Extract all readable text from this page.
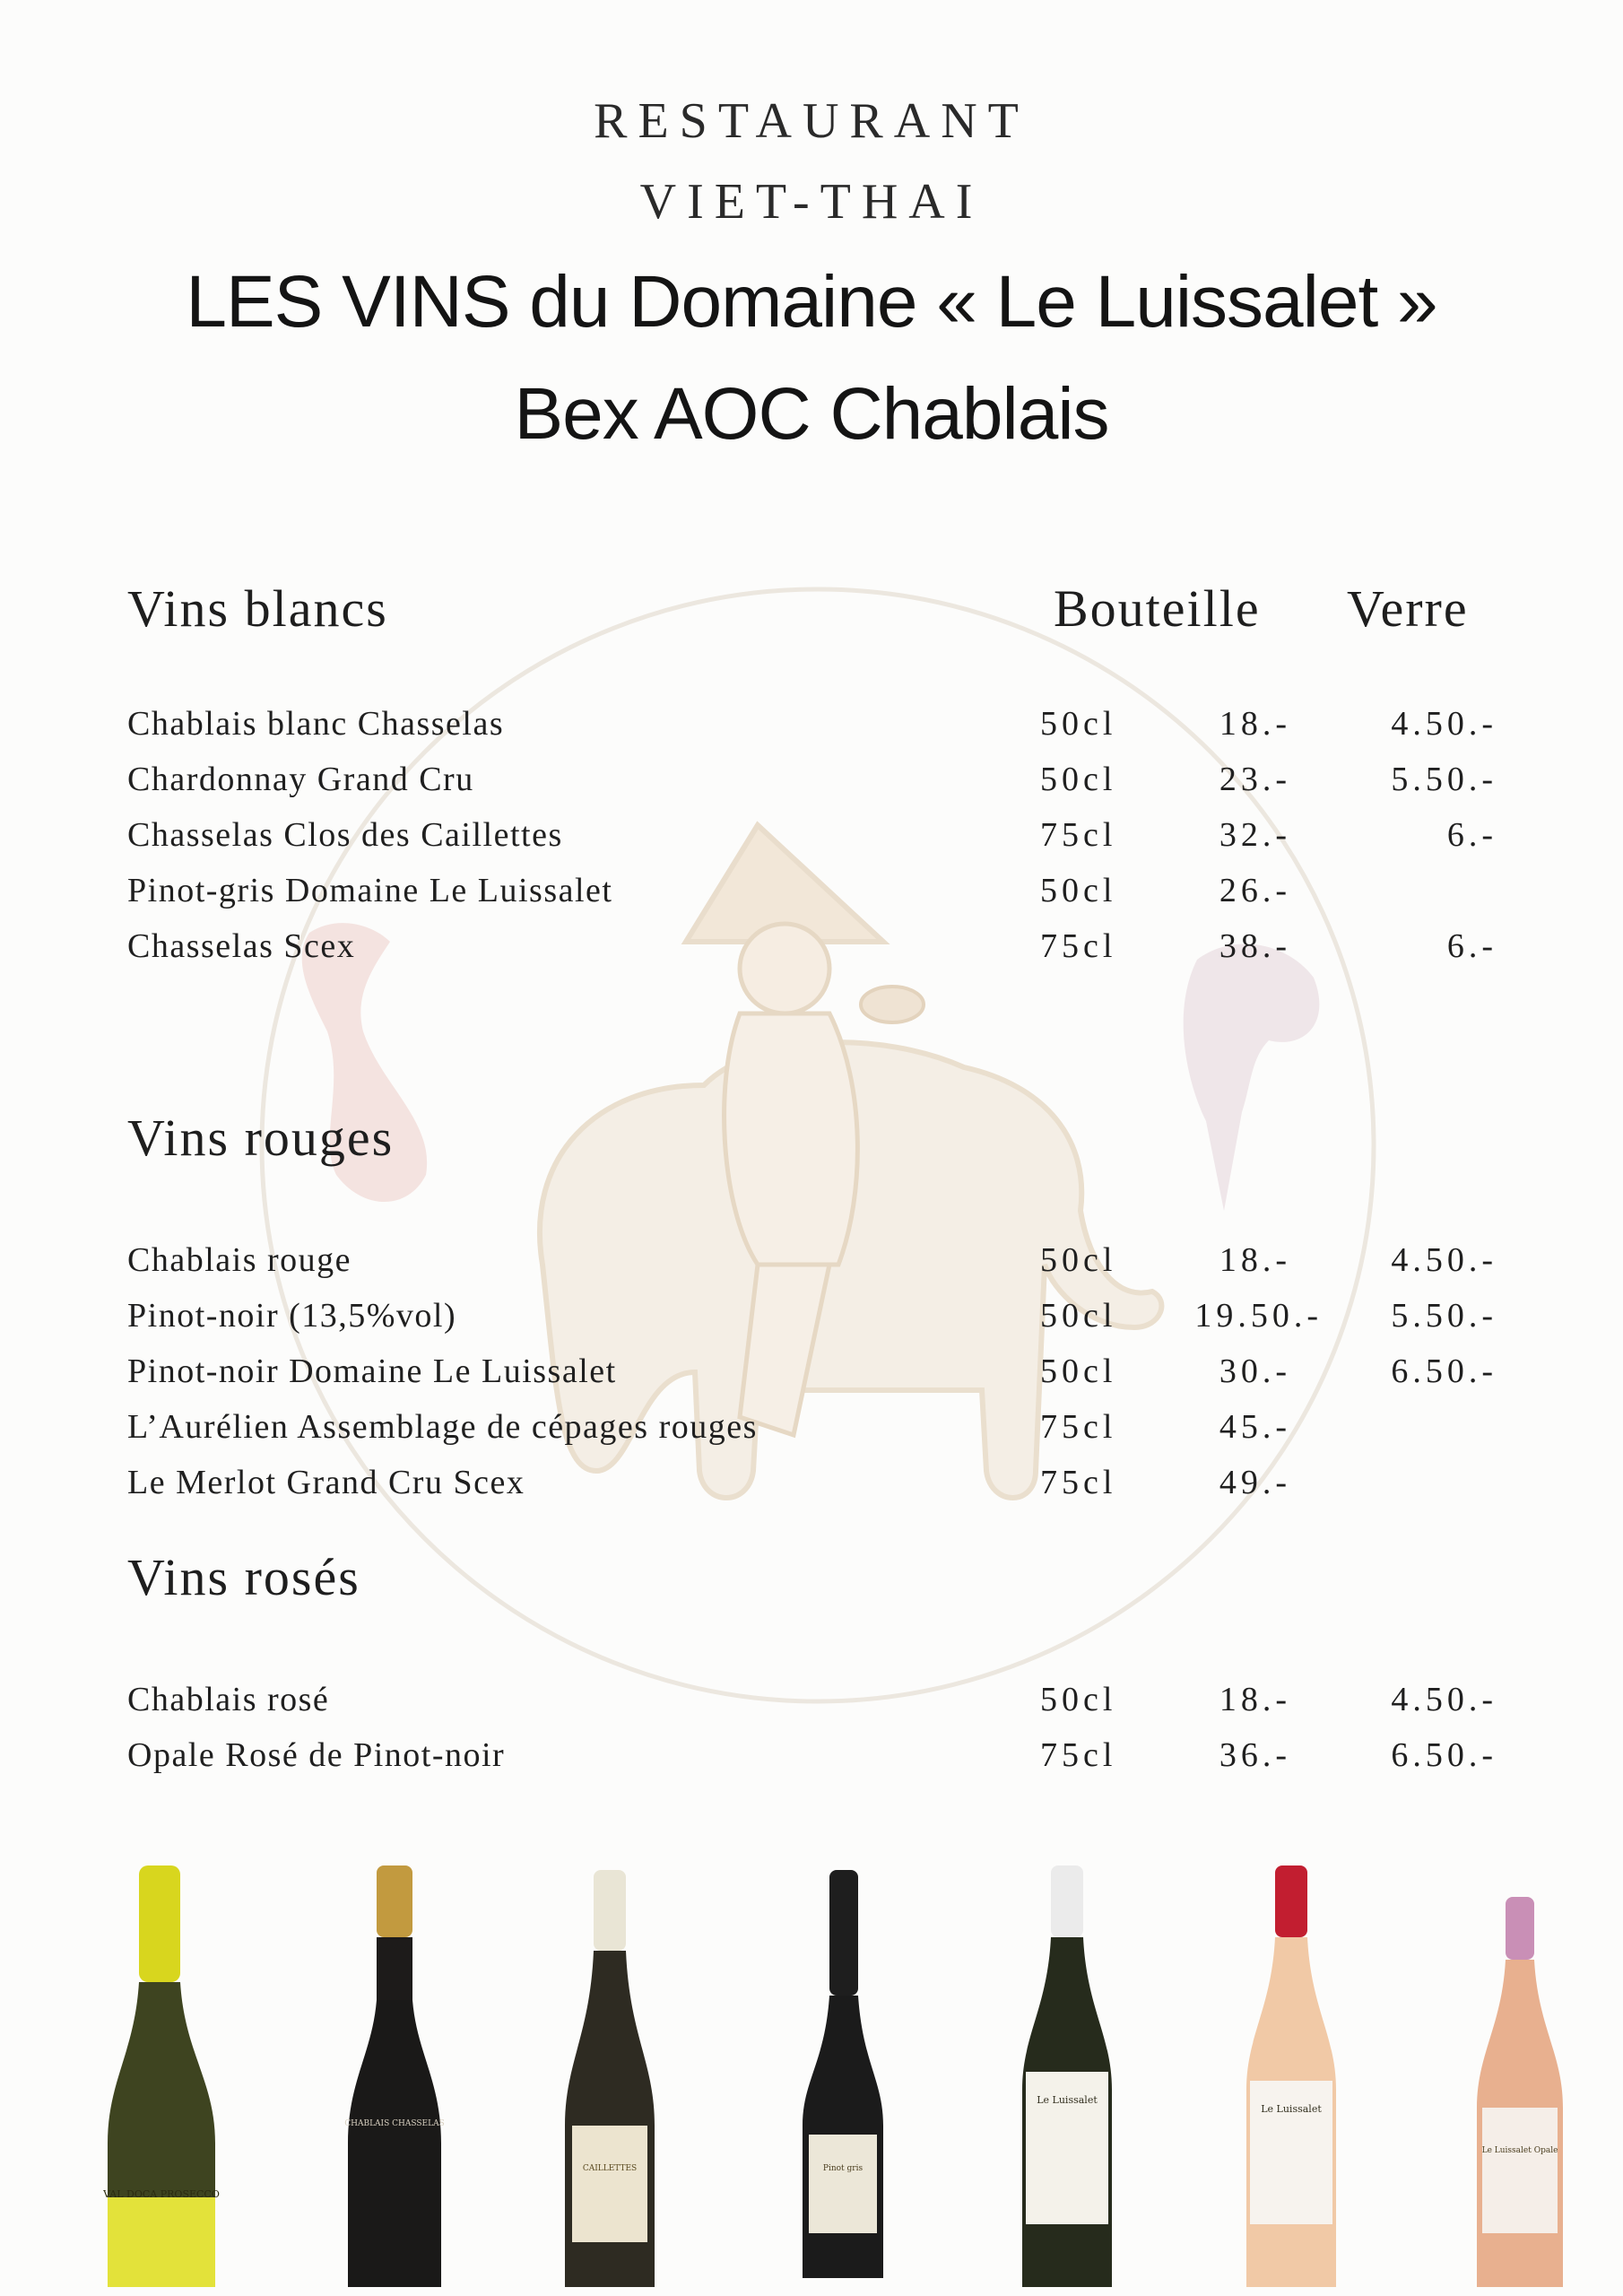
RESTAURANT
VIET-THAI
LES VINS du Domaine « Le Luissalet »
Bex AOC Chablais
Bouteille Verre
Vins blancs
Chablais blanc Chasselas	50cl	18.-	4.50.-
Chardonnay Grand Cru	50cl	23.-	5.50.-
Chasselas Clos des Caillettes	75cl	32.-	6.-
Pinot-gris Domaine Le Luissalet	50cl	26.-
Chasselas Scex	75cl	38.-	6.-
Vins rouges
Chablais rouge	50cl	18.-	4.50.-
Pinot-noir (13,5%vol)	50cl 19.50.- 5.50.-
Pinot-noir Domaine Le Luissalet	50cl	30.-	6.50.-
L’Aurélien Assemblage de cépages rouges	75cl	45.-
Le Merlot Grand Cru Scex	75cl	49.-
Vins rosés
Chablais rosé	50cl	18.-	4.50.-
Opale Rosé de Pinot-noir	75cl	36.-	6.50.-
VAL DOCA PROSECCO
CHABLAIS CHASSELAS
CAILLETTES	Pinot gris
Le Luissalet
Le Luissalet
Le Luissalet Opale
